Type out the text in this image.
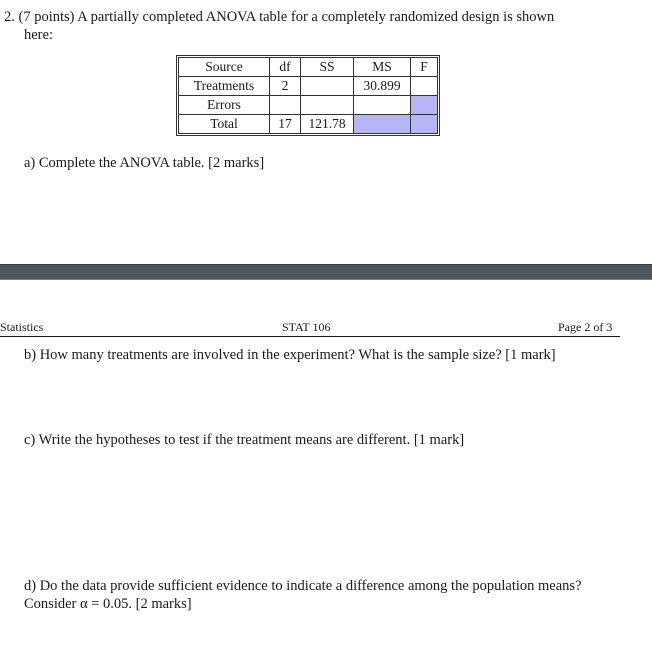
2. (7 points) A partially completed ANOVA table for a completely randomized design is shown
here:
Source	df	SS	MS	F
Treatments	2		30.899	
Errors				
Total	17	121.78		
a) Complete the ANOVA table. [2 marks]
Statistics	STAT 106	Page 2 of 3
b) How many treatments are involved in the experiment? What is the sample size? [1 mark]
c) Write the hypotheses to test if the treatment means are different. [1 mark]
d) Do the data provide sufficient evidence to indicate a difference among the population means?
Consider α = 0.05. [2 marks]
